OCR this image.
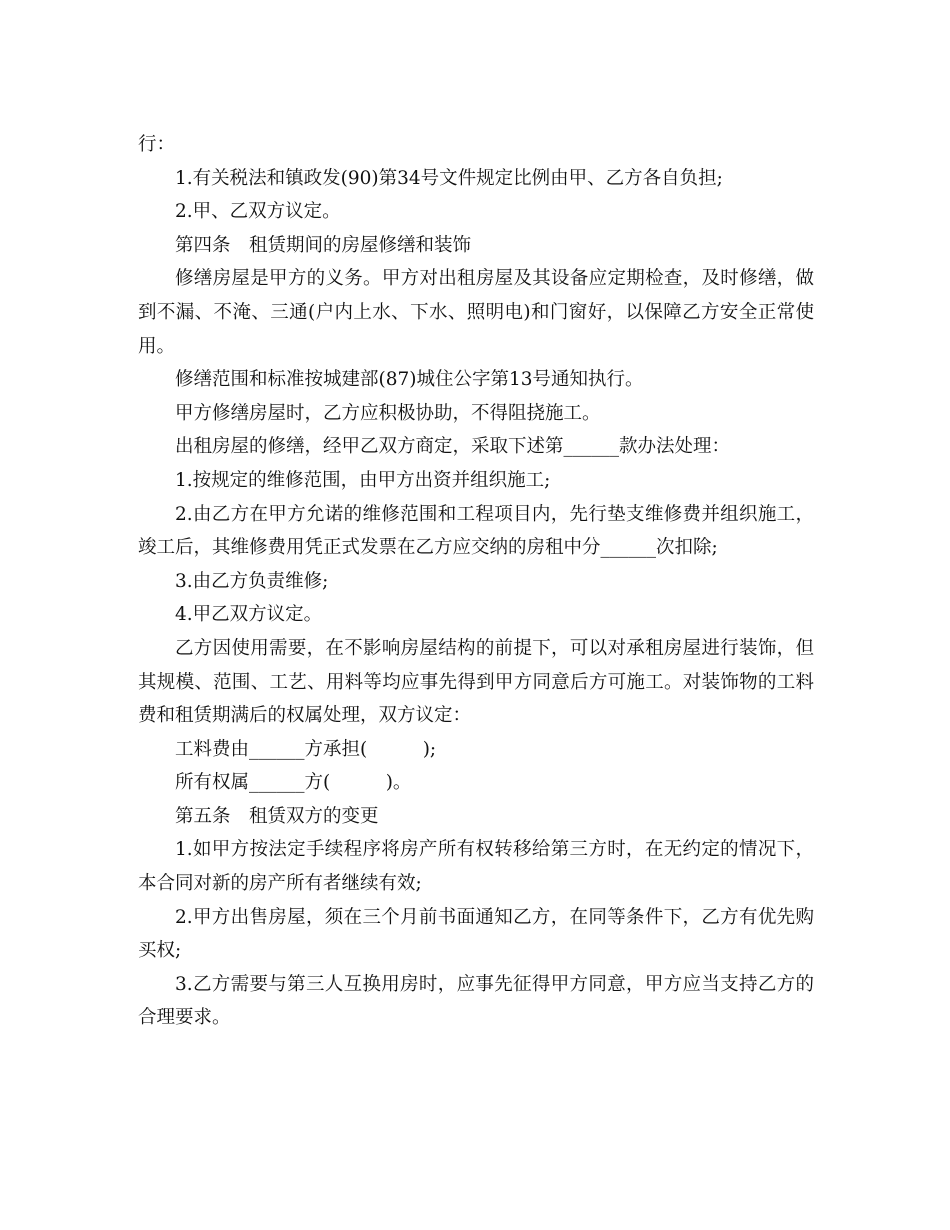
行：

1.有关税法和镇政发(90)第34号文件规定比例由甲、乙方各自负担;

2.甲、乙双方议定。

第四条　租赁期间的房屋修缮和装饰

修缮房屋是甲方的义务。甲方对出租房屋及其设备应定期检查，及时修缮，做到不漏、不淹、三通(户内上水、下水、照明电)和门窗好，以保障乙方安全正常使用。

修缮范围和标准按城建部(87)城住公字第13号通知执行。

甲方修缮房屋时，乙方应积极协助，不得阻挠施工。

出租房屋的修缮，经甲乙双方商定，采取下述第______款办法处理：

1.按规定的维修范围，由甲方出资并组织施工;

2.由乙方在甲方允诺的维修范围和工程项目内，先行垫支维修费并组织施工，竣工后，其维修费用凭正式发票在乙方应交纳的房租中分______次扣除;

3.由乙方负责维修;

4.甲乙双方议定。

乙方因使用需要，在不影响房屋结构的前提下，可以对承租房屋进行装饰，但其规模、范围、工艺、用料等均应事先得到甲方同意后方可施工。对装饰物的工料费和租赁期满后的权属处理，双方议定：

工料费由______方承担(　　　);

所有权属______方(　　　)。

第五条　租赁双方的变更

1.如甲方按法定手续程序将房产所有权转移给第三方时，在无约定的情况下，本合同对新的房产所有者继续有效;

2.甲方出售房屋，须在三个月前书面通知乙方，在同等条件下，乙方有优先购买权;

3.乙方需要与第三人互换用房时，应事先征得甲方同意，甲方应当支持乙方的合理要求。
